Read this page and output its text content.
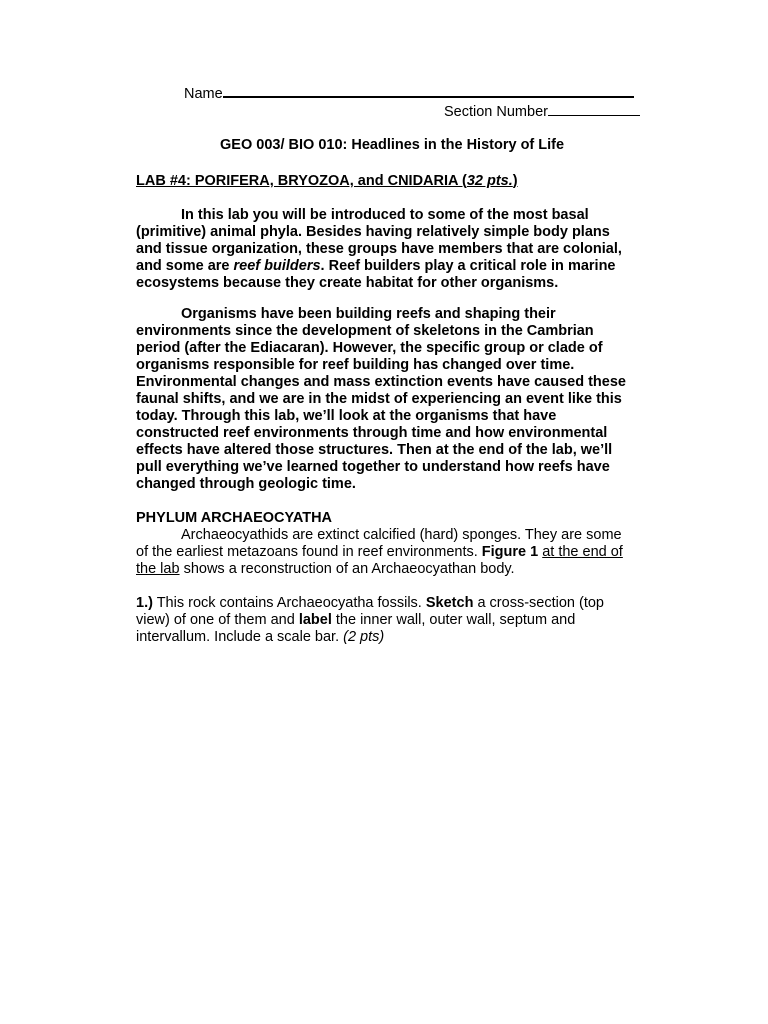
Name
Section Number
GEO 003/ BIO 010: Headlines in the History of Life
LAB #4: PORIFERA, BRYOZOA, and CNIDARIA (32 pts.)

In this lab you will be introduced to some of the most basal

(primitive) animal phyla. Besides having relatively simple body plans

and tissue organization, these groups have members that are colonial,

and some are reef builders. Reef builders play a critical role in marine

ecosystems because they create habitat for other organisms.

Organisms have been building reefs and shaping their

environments since the development of skeletons in the Cambrian

period (after the Ediacaran). However, the specific group or clade of

organisms responsible for reef building has changed over time.

Environmental changes and mass extinction events have caused these

faunal shifts, and we are in the midst of experiencing an event like this

today. Through this lab, we’ll look at the organisms that have

constructed reef environments through time and how environmental

effects have altered those structures. Then at the end of the lab, we’ll

pull everything we’ve learned together to understand how reefs have

changed through geologic time.

PHYLUM ARCHAEOCYATHA
Archaeocyathids are extinct calcified (hard) sponges. They are some
of the earliest metazoans found in reef environments. Figure 1 at the end of
the lab shows a reconstruction of an Archaeocyathan body.
1.) This rock contains Archaeocyatha fossils. Sketch a cross-section (top
view) of one of them and label the inner wall, outer wall, septum and
intervallum. Include a scale bar. (2 pts)
